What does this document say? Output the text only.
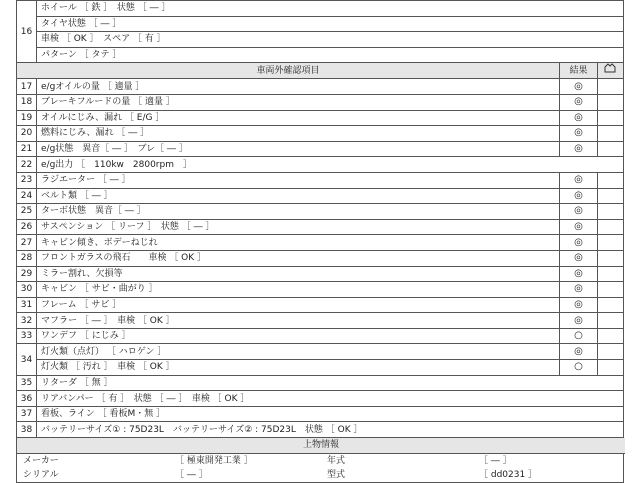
16	ホイール ［ 鉄 ］　状態 ［ ― ］		
	タイヤ状態 ［ ― ］		
	車検 ［ OK ］　スペア ［ 有 ］		
	パターン ［ タテ ］		
車両外確認項目		結果	
17	e/gオイルの量 ［ 適量 ］	◎	
18	ブレーキフルードの量 ［ 適量 ］	◎	
19	オイルにじみ、漏れ ［ E/G ］	◎	
20	燃料にじみ、漏れ ［ ― ］	◎	
21	e/g状態　異音［ ― ］　ブレ［ ― ］	◎	
22	e/g出力 ［　110kw　2800rpm　］		
23	ラジエーター ［ ― ］	◎	
24	ベルト類 ［ ― ］	◎	
25	ターボ状態　異音［ ― ］	◎	
26	サスペンション ［ リーフ ］　状態 ［ ― ］	◎	
27	キャビン傾き、ボデーねじれ	◎	
28	フロントガラスの飛石　　車検 ［ OK ］	◎	
29	ミラー割れ、欠損等	◎	
30	キャビン ［ サビ・曲がり ］	◎	
31	フレーム ［ サビ ］	◎	
32	マフラー ［ ― ］　車検 ［ OK ］	◎	
33	ワンデフ ［ にじみ ］	○	
34	灯火類（点灯） ［ ハロゲン ］	◎	
	灯火類 ［ 汚れ ］　車検 ［ OK ］	○	
35	リターダ ［ 無 ］		
36	リアバンパー ［ 有 ］　状態 ［ ― ］　車検 ［ OK ］		
37	看板、ライン ［ 看板M・無 ］		
38	バッテリーサイズ① : 75D23L　バッテリーサイズ② : 75D23L　状態 ［ OK ］		
上物情報			
メーカー	［ 極東開発工業 ］	年式	［ ― ］
シリアル	［ ― ］	型式	［ dd0231 ］
